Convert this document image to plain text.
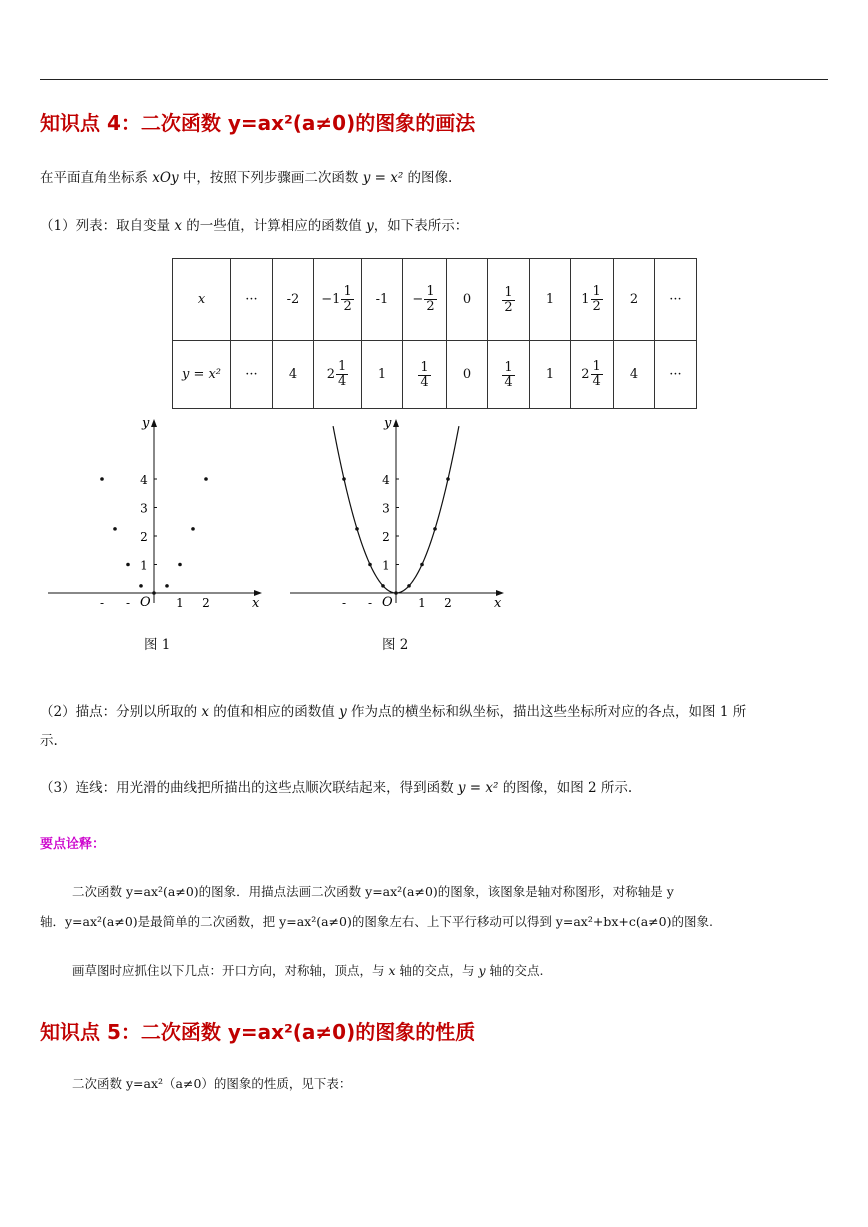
知识点 4：二次函数 y=ax²(a≠0)的图象的画法
在平面直角坐标系 xOy 中，按照下列步骤画二次函数 y = x² 的图像.
（1）列表：取自变量 x 的一些值，计算相应的函数值 y，如下表所示：
x	···	-2	$-1 \frac{1}{2}$	-1	− $\frac{1}{2}$	0	$\frac{1}{2}$	1	$1 \frac{1}{2}$	2	···
y = x²	···	4	$2 \frac{1}{4}$	1	$\frac{1}{4}$	0	$\frac{1}{4}$	1	$2 \frac{1}{4}$	4	···
y
x
O
4
3
2
1
- -	1 2
图 1
y
x
O
4
3
2
1
- -	1 2
图 2
（2）描点：分别以所取的 x 的值和相应的函数值 y 作为点的横坐标和纵坐标，描出这些坐标所对应的各点，如图 1 所
示.
（3）连线：用光滑的曲线把所描出的这些点顺次联结起来，得到函数 y = x² 的图像，如图 2 所示.
要点诠释：
二次函数 y=ax²(a≠0)的图象．用描点法画二次函数 y=ax²(a≠0)的图象，该图象是轴对称图形，对称轴是 y
轴．y=ax²(a≠0)是最简单的二次函数，把 y=ax²(a≠0)的图象左右、上下平行移动可以得到 y=ax²+bx+c(a≠0)的图象.
画草图时应抓住以下几点：开口方向，对称轴，顶点，与 x 轴的交点，与 y 轴的交点.
知识点 5：二次函数 y=ax²(a≠0)的图象的性质
二次函数 y=ax²（a≠0）的图象的性质，见下表：
